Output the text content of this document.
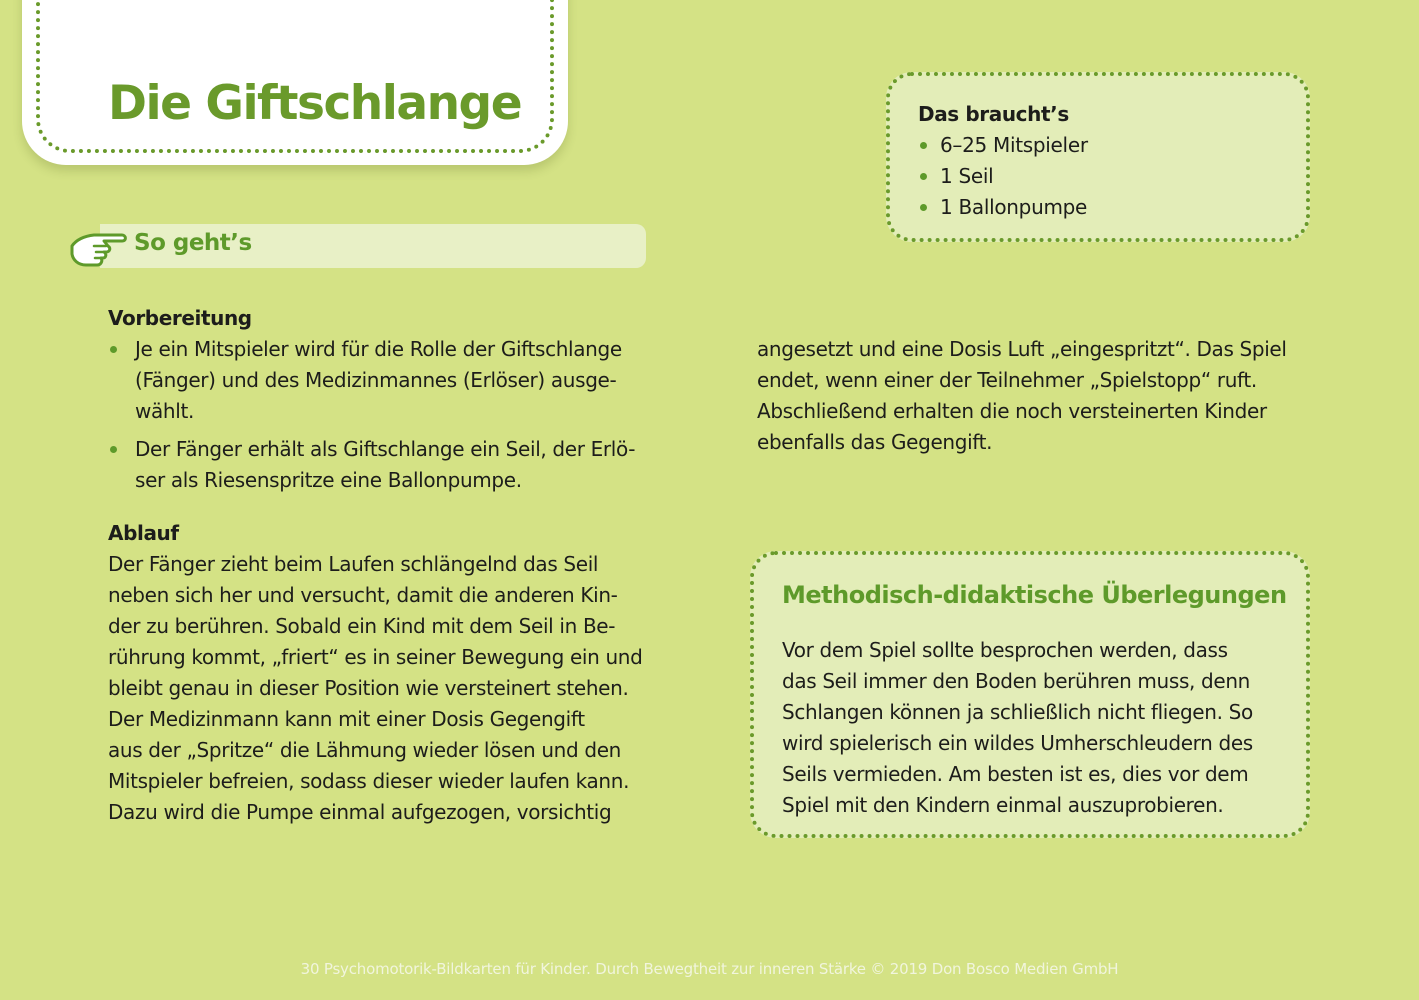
Die Giftschlange
So geht’s
Das braucht’s
6–25 Mitspieler
1 Seil
1 Ballonpumpe

Vorbereitung

Je ein Mitspieler wird für die Rolle der Giftschlange
(Fänger) und des Medizinmannes (Erlöser) ausge-
wählt.
Der Fänger erhält als Giftschlange ein Seil, der Erlö-
ser als Riesenspritze eine Ballonpumpe.

Ablauf

Der Fänger zieht beim Laufen schlängelnd das Seil
neben sich her und versucht, damit die anderen Kin-
der zu berühren. Sobald ein Kind mit dem Seil in Be-
rührung kommt, „friert“ es in seiner Bewegung ein und
bleibt genau in dieser Position wie versteinert stehen.
Der Medizinmann kann mit einer Dosis Gegengift
aus der „Spritze“ die Lähmung wieder lösen und den
Mitspieler befreien, sodass dieser wieder laufen kann.
Dazu wird die Pumpe einmal aufgezogen, vorsichtig
angesetzt und eine Dosis Luft „eingespritzt“. Das Spiel
endet, wenn einer der Teilnehmer „Spielstopp“ ruft.
Abschließend erhalten die noch versteinerten Kinder
ebenfalls das Gegengift.
Methodisch-didaktische Überlegungen

Vor dem Spiel sollte besprochen werden, dass

das Seil immer den Boden berühren muss, denn

Schlangen können ja schließlich nicht fliegen. So

wird spielerisch ein wildes Umherschleudern des

Seils vermieden. Am besten ist es, dies vor dem

Spiel mit den Kindern einmal auszuprobieren.

30 Psychomotorik-Bildkarten für Kinder. Durch Bewegtheit zur inneren Stärke © 2019 Don Bosco Medien GmbH
